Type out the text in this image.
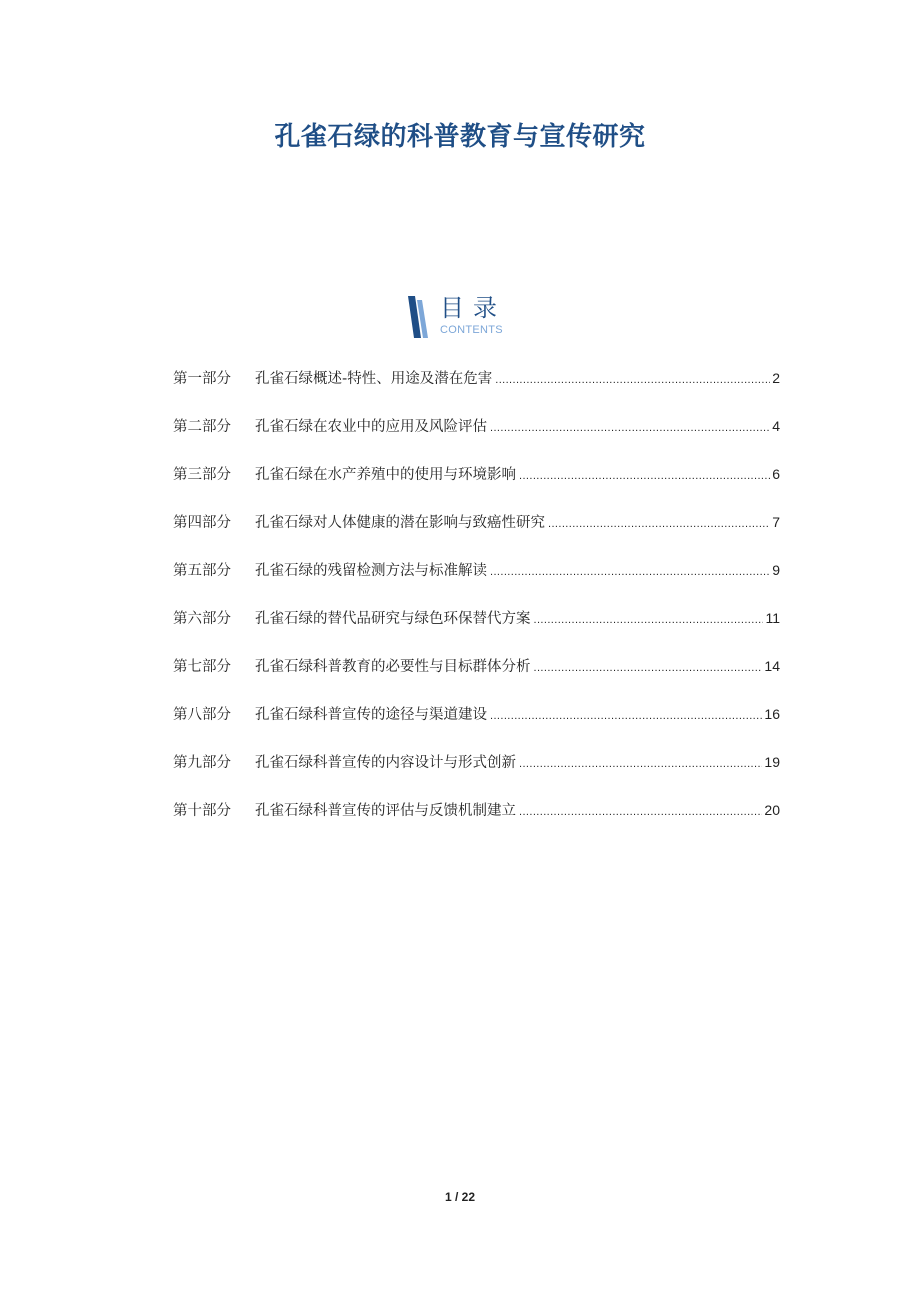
孔雀石绿的科普教育与宣传研究
目录
CONTENTS
第一部分	孔雀石绿概述-特性、用途及潜在危害 .....	2
第二部分	孔雀石绿在农业中的应用及风险评估 .....	4
第三部分	孔雀石绿在水产养殖中的使用与环境影响 .....	6
第四部分	孔雀石绿对人体健康的潜在影响与致癌性研究 .....	7
第五部分	孔雀石绿的残留检测方法与标准解读 .....	9
第六部分	孔雀石绿的替代品研究与绿色环保替代方案 .....	11
第七部分	孔雀石绿科普教育的必要性与目标群体分析 .....	14
第八部分	孔雀石绿科普宣传的途径与渠道建设 .....	16
第九部分	孔雀石绿科普宣传的内容设计与形式创新 .....	19
第十部分	孔雀石绿科普宣传的评估与反馈机制建立 .....	20
1 / 22
